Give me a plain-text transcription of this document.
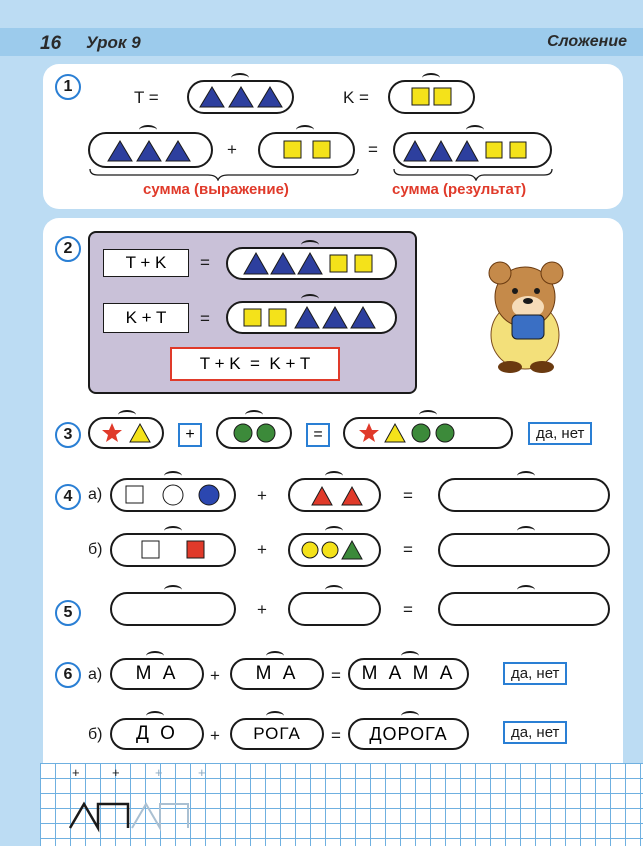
16 Урок 9	Сложение
1
T =	K =
+	=
сумма (выражение)	сумма (результат)
2
T + K	=
K + T	=
T + K  =  K + T
3	+	=	да, нет
4 а)	+	=
б)	+	=
5	+	=
6 а)	М А	+	М А	=	М А М А	да, нет
б)	Д О	+	РОГА	=	ДОРОГА	да, нет
+ +	+	+
